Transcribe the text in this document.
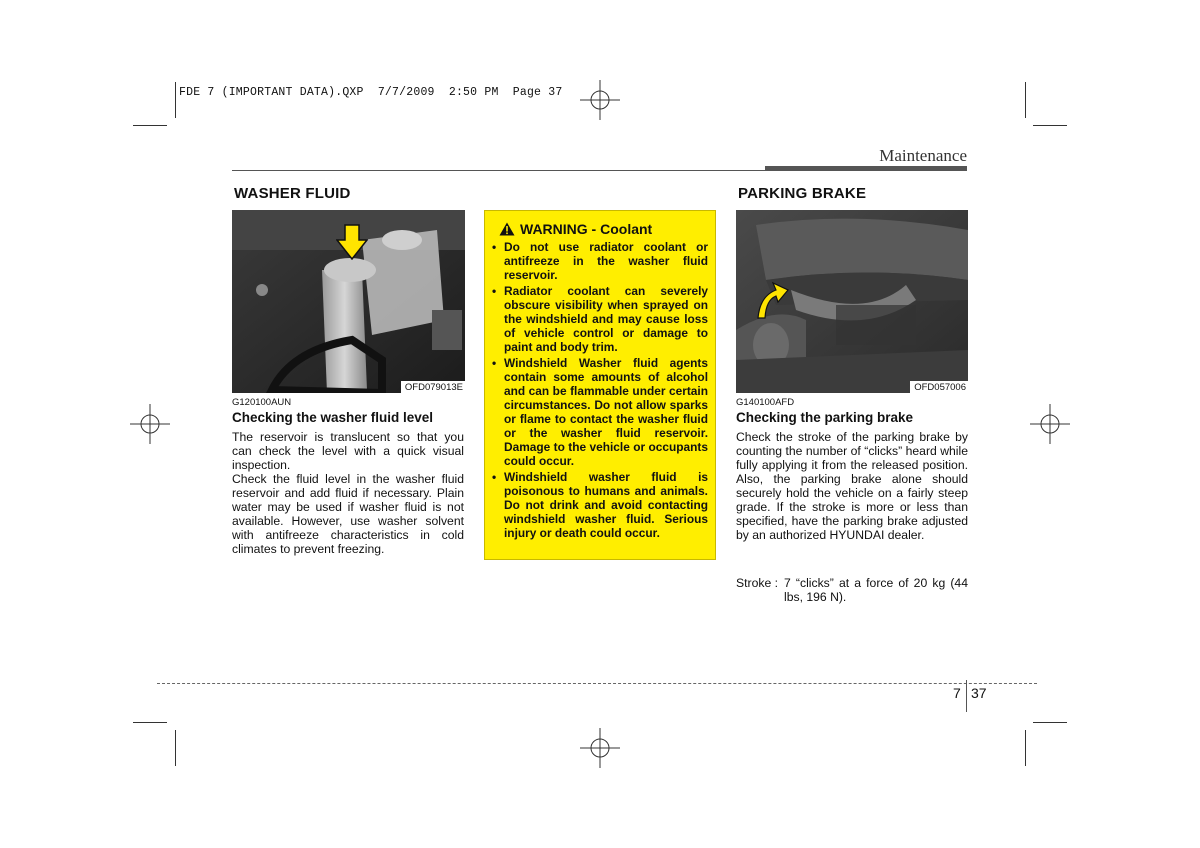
FDE 7 (IMPORTANT DATA).QXP  7/7/2009  2:50 PM  Page 37
Maintenance
WASHER FLUID
OFD079013E
G120100AUN
Checking the washer fluid level

The reservoir is translucent so that you can check the level with a quick visual inspection.

Check the fluid level in the washer fluid reservoir and add fluid if necessary. Plain water may be used if washer fluid is not available. However, use washer solvent with antifreeze characteristics in cold climates to prevent freezing.

WARNING - Coolant
• Do not use radiator coolant or antifreeze in the washer fluid reservoir.
• Radiator coolant can severely obscure visibility when sprayed on the windshield and may cause loss of vehicle control or damage to paint and body trim.
• Windshield Washer fluid agents contain some amounts of alcohol and can be flammable under certain circumstances. Do not allow sparks or flame to contact the washer fluid or the washer fluid reservoir. Damage to the vehicle or occupants could occur.
• Windshield washer fluid is poisonous to humans and animals. Do not drink and avoid contacting windshield washer fluid. Serious injury or death could occur.
PARKING BRAKE
OFD057006
G140100AFD
Checking the parking brake
Check the stroke of the parking brake by counting the number of “clicks” heard while fully applying it from the released position. Also, the parking brake alone should securely hold the vehicle on a fairly steep grade. If the stroke is more or less than specified, have the parking brake adjusted by an authorized HYUNDAI dealer.
Stroke : 7 “clicks” at a force of 20 kg (44 lbs, 196 N).
7 37
